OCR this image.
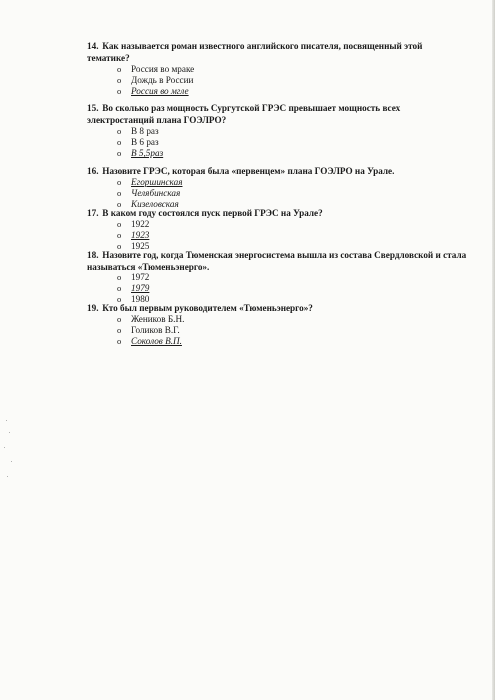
14. Как называется роман известного английского писателя, посвященный этой тематике?
o Россия во мраке
o Дождь в России
o Россия во мгле
15. Во сколько раз мощность Сургутской ГРЭС превышает мощность всех электростанций плана ГОЭЛРО?
o В 8 раз
o В 6 раз
o В 5,5раз
16. Назовите ГРЭС, которая была «первенцем» плана ГОЭЛРО на Урале.
o Егоршинская
o Челябинская
o Кизеловская
17. В каком году состоялся пуск первой ГРЭС на Урале?
o 1922
o 1923
o 1925
18. Назовите год, когда Тюменская энергосистема вышла из состава Свердловской и стала называться «Тюменьэнерго».
o 1972
o 1979
o 1980
19. Кто был первым руководителем «Тюменьэнерго»?
o Жеников Б.Н.
o Голиков В.Г.
o Соколов В.П.
